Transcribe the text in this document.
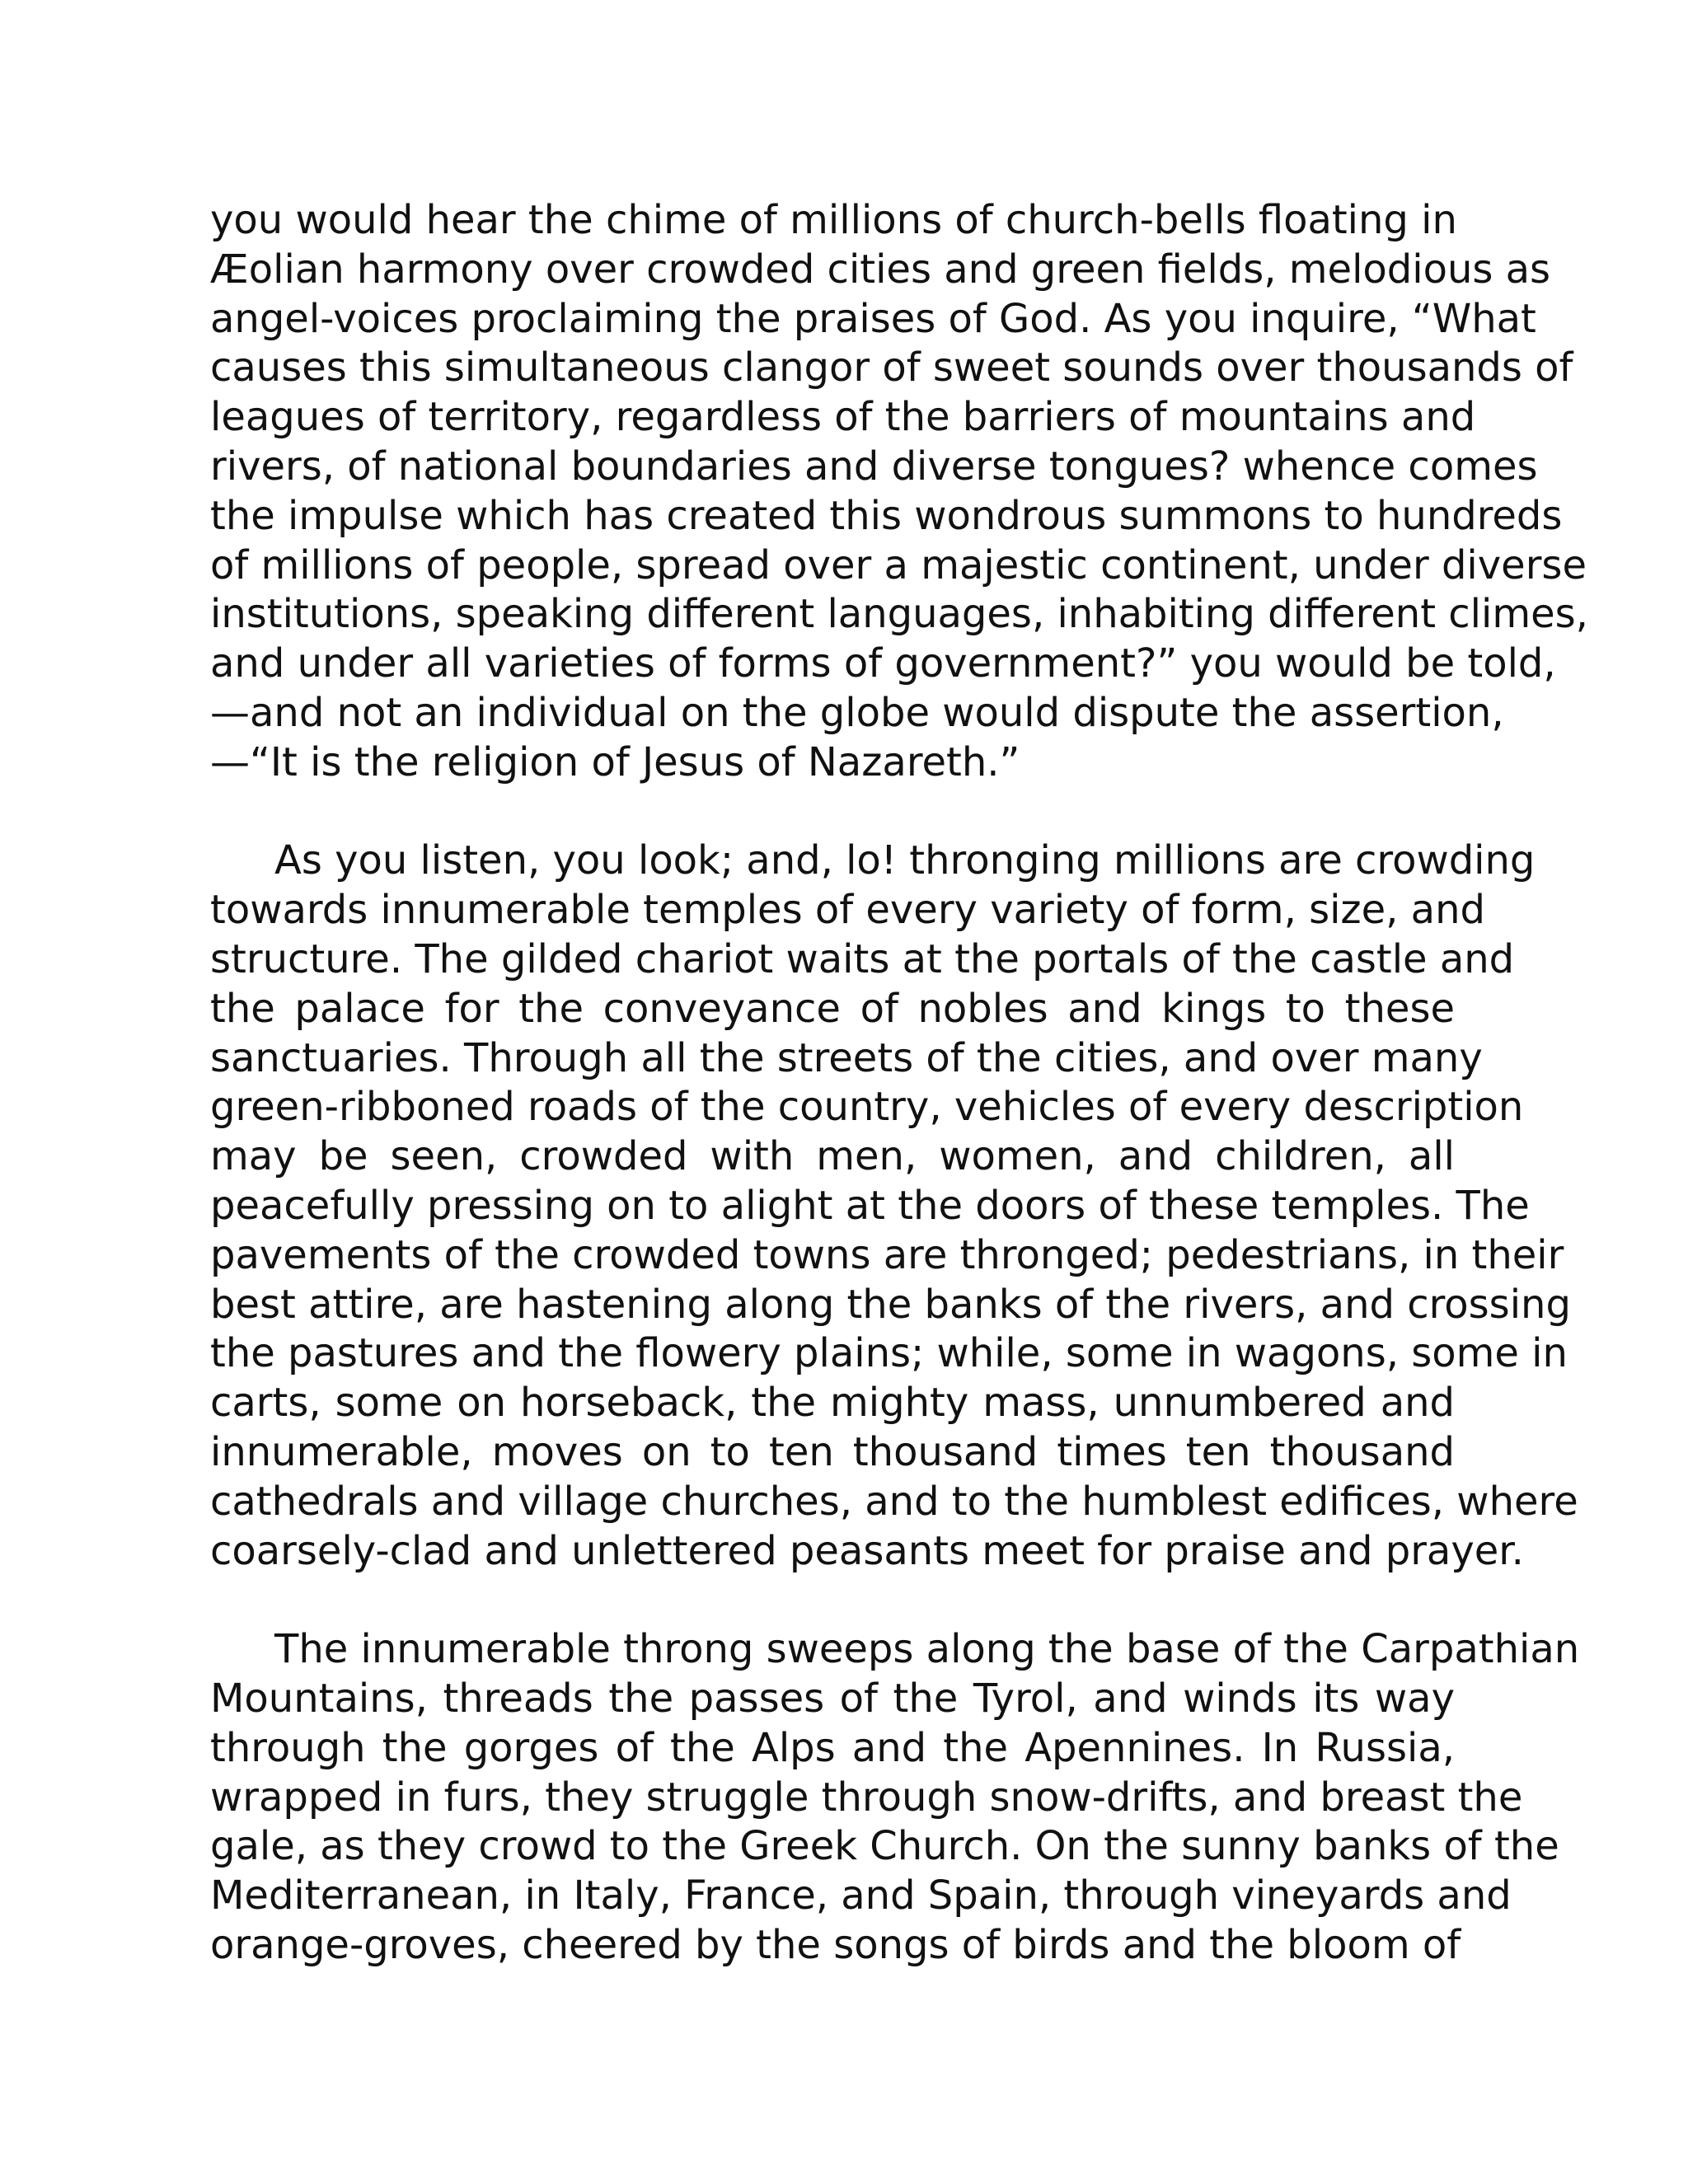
you would hear the chime of millions of church-bells floating in
Æolian harmony over crowded cities and green fields, melodious as
angel-voices proclaiming the praises of God. As you inquire, “What
causes this simultaneous clangor of sweet sounds over thousands of
leagues of territory, regardless of the barriers of mountains and
rivers, of national boundaries and diverse tongues? whence comes
the impulse which has created this wondrous summons to hundreds
of millions of people, spread over a majestic continent, under diverse
institutions, speaking different languages, inhabiting different climes,
and under all varieties of forms of government?” you would be told,
—and not an individual on the globe would dispute the assertion,
—“It is the religion of Jesus of Nazareth.”
As you listen, you look; and, lo! thronging millions are crowding
towards innumerable temples of every variety of form, size, and
structure. The gilded chariot waits at the portals of the castle and
the palace for the conveyance of nobles and kings to these
sanctuaries. Through all the streets of the cities, and over many
green-ribboned roads of the country, vehicles of every description
may be seen, crowded with men, women, and children, all
peacefully pressing on to alight at the doors of these temples. The
pavements of the crowded towns are thronged; pedestrians, in their
best attire, are hastening along the banks of the rivers, and crossing
the pastures and the flowery plains; while, some in wagons, some in
carts, some on horseback, the mighty mass, unnumbered and
innumerable, moves on to ten thousand times ten thousand
cathedrals and village churches, and to the humblest edifices, where
coarsely-clad and unlettered peasants meet for praise and prayer.
The innumerable throng sweeps along the base of the Carpathian
Mountains, threads the passes of the Tyrol, and winds its way
through the gorges of the Alps and the Apennines. In Russia,
wrapped in furs, they struggle through snow-drifts, and breast the
gale, as they crowd to the Greek Church. On the sunny banks of the
Mediterranean, in Italy, France, and Spain, through vineyards and
orange-groves, cheered by the songs of birds and the bloom of
